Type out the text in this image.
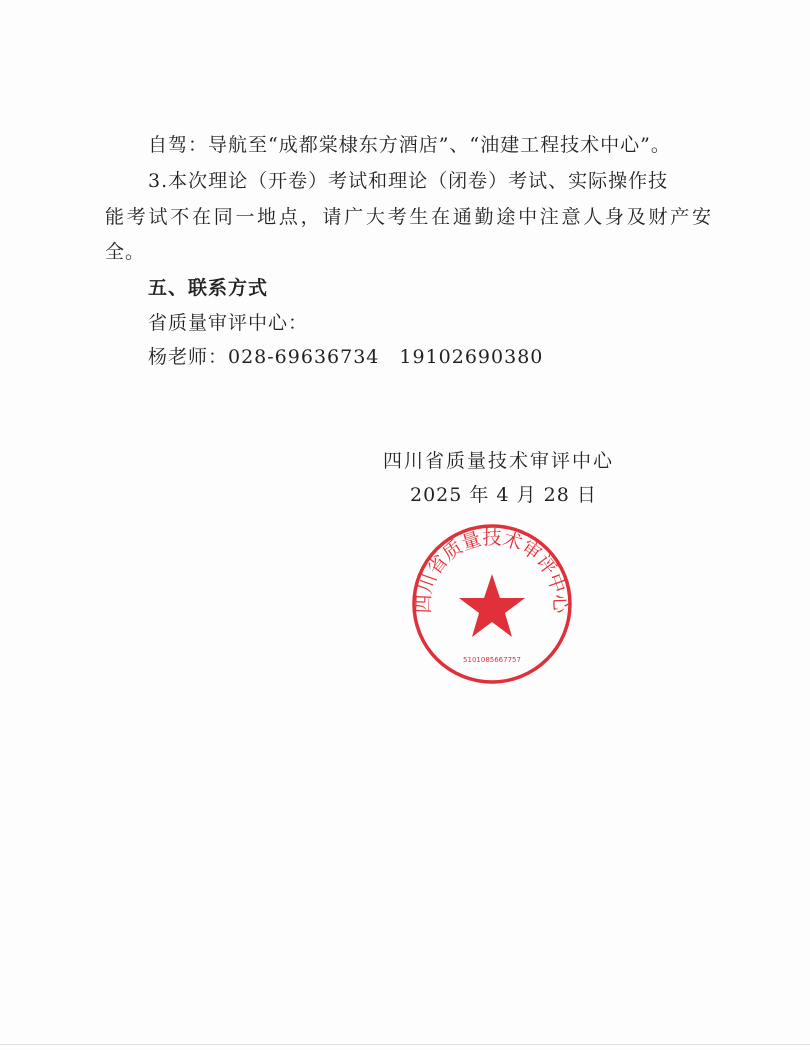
自驾：导航至“成都棠棣东方酒店”、“油建工程技术中心”。
3.本次理论（开卷）考试和理论（闭卷）考试、实际操作技
能考试不在同一地点，请广大考生在通勤途中注意人身及财产安
全。
五、联系方式
省质量审评中心：
杨老师：028-69636734　19102690380
四川省质量技术审评中心
2025 年 4 月 28 日
四川省质量技术审评中心
5101085667757
